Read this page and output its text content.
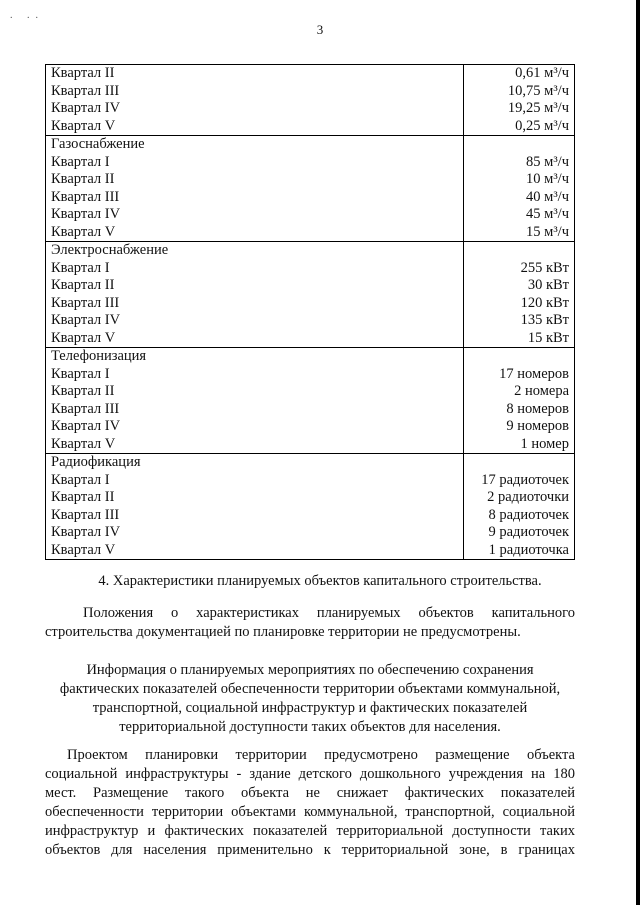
. ..
3
Квартал II	0,61 м³/ч
Квартал III	10,75 м³/ч
Квартал IV	19,25 м³/ч
Квартал V	0,25 м³/ч
Газоснабжение	
Квартал I	85 м³/ч
Квартал II	10 м³/ч
Квартал III	40 м³/ч
Квартал IV	45 м³/ч
Квартал V	15 м³/ч
Электроснабжение	
Квартал I	255 кВт
Квартал II	30 кВт
Квартал III	120 кВт
Квартал IV	135 кВт
Квартал V	15 кВт
Телефонизация	
Квартал I	17 номеров
Квартал II	2 номера
Квартал III	8 номеров
Квартал IV	9 номеров
Квартал V	1 номер
Радиофикация	
Квартал I	17 радиоточек
Квартал II	2 радиоточки
Квартал III	8 радиоточек
Квартал IV	9 радиоточек
Квартал V	1 радиоточка
4. Характеристики планируемых объектов капитального строительства.
Положения о характеристиках планируемых объектов капитального
строительства документацией по планировке территории не предусмотрены.
Информация о планируемых мероприятиях по обеспечению сохранения
фактических показателей обеспеченности территории объектами коммунальной,
транспортной, социальной инфраструктур и фактических показателей
территориальной доступности таких объектов для населения.
Проектом планировки территории предусмотрено размещение объекта
социальной инфраструктуры - здание детского дошкольного учреждения на 180
мест. Размещение такого объекта не снижает фактических показателей
обеспеченности территории объектами коммунальной, транспортной, социальной
инфраструктур и фактических показателей территориальной доступности таких
объектов для населения применительно к территориальной зоне, в границах
